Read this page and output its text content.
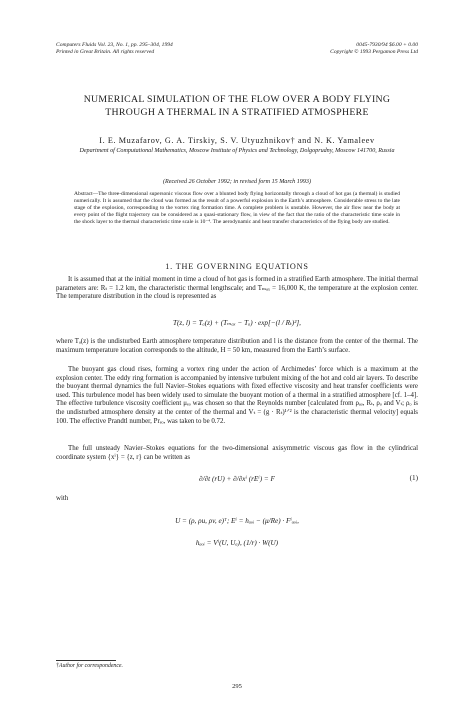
Computers Fluids Vol. 23, No. 1, pp. 295–304, 1994
Printed in Great Britain. All rights reserved
0045-7930/94 $6.00 + 0.00
Copyright © 1993 Pergamon Press Ltd
NUMERICAL SIMULATION OF THE FLOW OVER A BODY FLYING THROUGH A THERMAL IN A STRATIFIED ATMOSPHERE
I. E. Muzafarov, G. A. Tirskiy, S. V. Utyuzhnikov† and N. K. Yamaleev
Department of Computational Mathematics, Moscow Institute of Physics and Technology, Dolgoprudny, Moscow 141700, Russia
(Received 26 October 1992; in revised form 15 March 1993)
Abstract—The three-dimensional supersonic viscous flow over a blunted body flying horizontally through a cloud of hot gas (a thermal) is studied numerically. It is assumed that the cloud was formed as the result of a powerful explosion in the Earth’s atmosphere. Considerable stress to the late stage of the explosion, corresponding to the vortex ring formation time. A complete problem is unstable. However, the air flow near the body at every point of the flight trajectory can be considered as a quasi-stationary flow, in view of the fact that the ratio of the characteristic time scale in the shock layer to the thermal characteristic time scale is 10⁻⁴. The aerodynamic and heat transfer characteristics of the flying body are studied.
1. THE GOVERNING EQUATIONS

It is assumed that at the initial moment in time a cloud of hot gas is formed in a stratified Earth atmosphere. The initial thermal parameters are: Rₜ = 1.2 km, the characteristic thermal lengthscale; and Tₘₐₓ = 16,000 K, the temperature at the explosion center. The temperature distribution in the cloud is represented as

T(z, l) = Tₐ(z) + (Tₘₐₓ − Tₐ) · exp[−(l / Rₜ)²],

where Tₐ(z) is the undisturbed Earth atmosphere temperature distribution and l is the distance from the center of the thermal. The maximum temperature location corresponds to the altitude, H = 50 km, measured from the Earth’s surface.

The buoyant gas cloud rises, forming a vortex ring under the action of Archimedes’ force which is a maximum at the explosion center. The eddy ring formation is accompanied by intensive turbulent mixing of the hot and cold air layers. To describe the buoyant thermal dynamics the full Navier–Stokes equations with fixed effective viscosity and heat transfer coefficients were used. This turbulence model has been widely used to simulate the buoyant motion of a thermal in a stratified atmosphere [cf. 1–4]. The effective turbulence viscosity coefficient μₑₒ was chosen so that the Reynolds number [calculated from ρₐₒ, Rₜ, ρₒ and Vₜ; ρₒ is the undisturbed atmosphere density at the center of the thermal and Vₜ = (g · Rₜ)¹ᐟ² is the characteristic thermal velocity] equals 100. The effective Prandtl number, Prₑₒ, was taken to be 0.72.

The full unsteady Navier–Stokes equations for the two-dimensional axisymmetric viscous gas flow in the cylindrical coordinate system {xⁱ} = {z, r} can be written as

∂/∂t (rU) + ∂/∂xⁱ (rEⁱ) = F	(1)

with

U = (ρ, ρu, ρv, e)ᵀ; Eⁱ = hₐₒᵢ − (μ/Re) · Fⁱₐₒᵢ,
hₐₒᵢ = Vⁱ(U, Uₐ), (1/r) · W(U)
†Author for correspondence.
295
